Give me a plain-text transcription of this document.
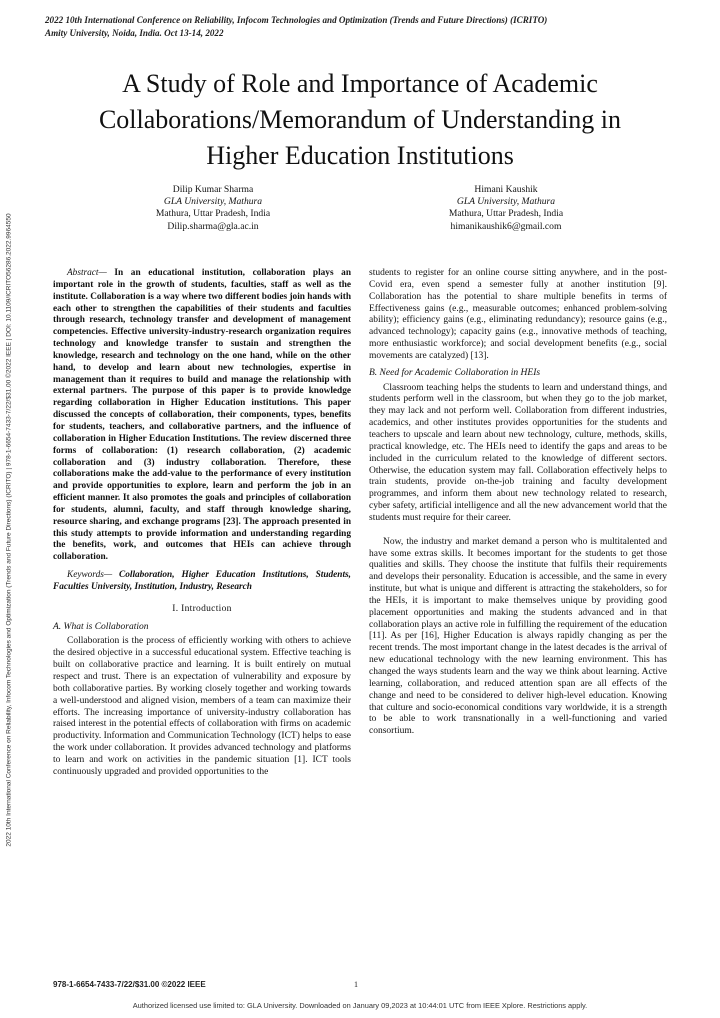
2022 10th International Conference on Reliability, Infocom Technologies and Optimization (Trends and Future Directions) (ICRITO)
Amity University, Noida, India. Oct 13-14, 2022
2022 10th International Conference on Reliability, Infocom Technologies and Optimization (Trends and Future Directions) (ICRITO) | 978-1-6654-7433-7/22/$31.00 ©2022 IEEE | DOI: 10.1109/ICRITO56286.2022.9964550
A Study of Role and Importance of Academic Collaborations/Memorandum of Understanding in Higher Education Institutions
Dilip Kumar Sharma
GLA University, Mathura
Mathura, Uttar Pradesh, India
Dilip.sharma@gla.ac.in
Himani Kaushik
GLA University, Mathura
Mathura, Uttar Pradesh, India
himanikaushik6@gmail.com

Abstract— In an educational institution, collaboration plays an important role in the growth of students, faculties, staff as well as the institute. Collaboration is a way where two different bodies join hands with each other to strengthen the capabilities of their students and faculties through research, technology transfer and development of management competencies. Effective university-industry-research organization requires technology and knowledge transfer to sustain and strengthen the knowledge, research and technology on the one hand, while on the other hand, to develop and learn about new technologies, expertise in management than it requires to build and manage the relationship with external partners. The purpose of this paper is to provide knowledge regarding collaboration in Higher Education institutions. This paper discussed the concepts of collaboration, their components, types, benefits for students, teachers, and collaborative partners, and the influence of collaboration in Higher Education Institutions. The review discerned three forms of collaboration: (1) research collaboration, (2) academic collaboration and (3) industry collaboration. Therefore, these collaborations make the add-value to the performance of every institution and provide opportunities to explore, learn and perform the job in an efficient manner. It also promotes the goals and principles of collaboration for students, alumni, faculty, and staff through knowledge sharing, resource sharing, and exchange programs [23]. The approach presented in this study attempts to provide information and understanding regarding the benefits, work, and outcomes that HEIs can achieve through collaboration.

Keywords— Collaboration, Higher Education Institutions, Students, Faculties University, Institution, Industry, Research

I. Introduction

A. What is Collaboration

Collaboration is the process of efficiently working with others to achieve the desired objective in a successful educational system. Effective teaching is built on collaborative practice and learning. It is built entirely on mutual respect and trust. There is an expectation of vulnerability and exposure by both collaborative parties. By working closely together and working towards a well-understood and aligned vision, members of a team can maximize their efforts. The increasing importance of university-industry collaboration has raised interest in the potential effects of collaboration with firms on academic productivity. Information and Communication Technology (ICT) helps to ease the work under collaboration. It provides advanced technology and platforms to learn and work on activities in the pandemic situation [1]. ICT tools continuously upgraded and provided opportunities to the

students to register for an online course sitting anywhere, and in the post-Covid era, even spend a semester fully at another institution [9]. Collaboration has the potential to share multiple benefits in terms of Effectiveness gains (e.g., measurable outcomes; enhanced problem-solving ability); efficiency gains (e.g., eliminating redundancy); resource gains (e.g., advanced technology); capacity gains (e.g., innovative methods of teaching, more enthusiastic workforce); and social development benefits (e.g., social movements are catalyzed) [13].

B. Need for Academic Collaboration in HEIs

Classroom teaching helps the students to learn and understand things, and students perform well in the classroom, but when they go to the job market, they may lack and not perform well. Collaboration from different industries, academics, and other institutes provides opportunities for the students and teachers to upscale and learn about new technology, culture, methods, skills, practical knowledge, etc. The HEIs need to identify the gaps and areas to be included in the curriculum related to the knowledge of different sectors. Otherwise, the education system may fall. Collaboration effectively helps to train students, provide on-the-job training and faculty development programmes, and inform them about new technology related to research, cyber safety, artificial intelligence and all the new advancement world that the students must require for their career.

Now, the industry and market demand a person who is multitalented and have some extras skills. It becomes important for the students to get those qualities and skills. They choose the institute that fulfils their requirements and develops their personality. Education is accessible, and the same in every institute, but what is unique and different is attracting the stakeholders, so for the HEIs, it is important to make themselves unique by providing good placement opportunities and making the students advanced and in that collaboration plays an active role in fulfilling the requirement of the education [11]. As per [16], Higher Education is always rapidly changing as per the recent trends. The most important change in the latest decades is the arrival of new educational technology with the new learning environment. This has changed the ways students learn and the way we think about learning. Active learning, collaboration, and reduced attention span are all effects of the change and need to be considered to deliver high-level education. Knowing that culture and socio-economical conditions vary worldwide, it is a strength to be able to work transnationally in a well-functioning and varied consortium.

978-1-6654-7433-7/22/$31.00 ©2022 IEEE	1
Authorized licensed use limited to: GLA University. Downloaded on January 09,2023 at 10:44:01 UTC from IEEE Xplore. Restrictions apply.
